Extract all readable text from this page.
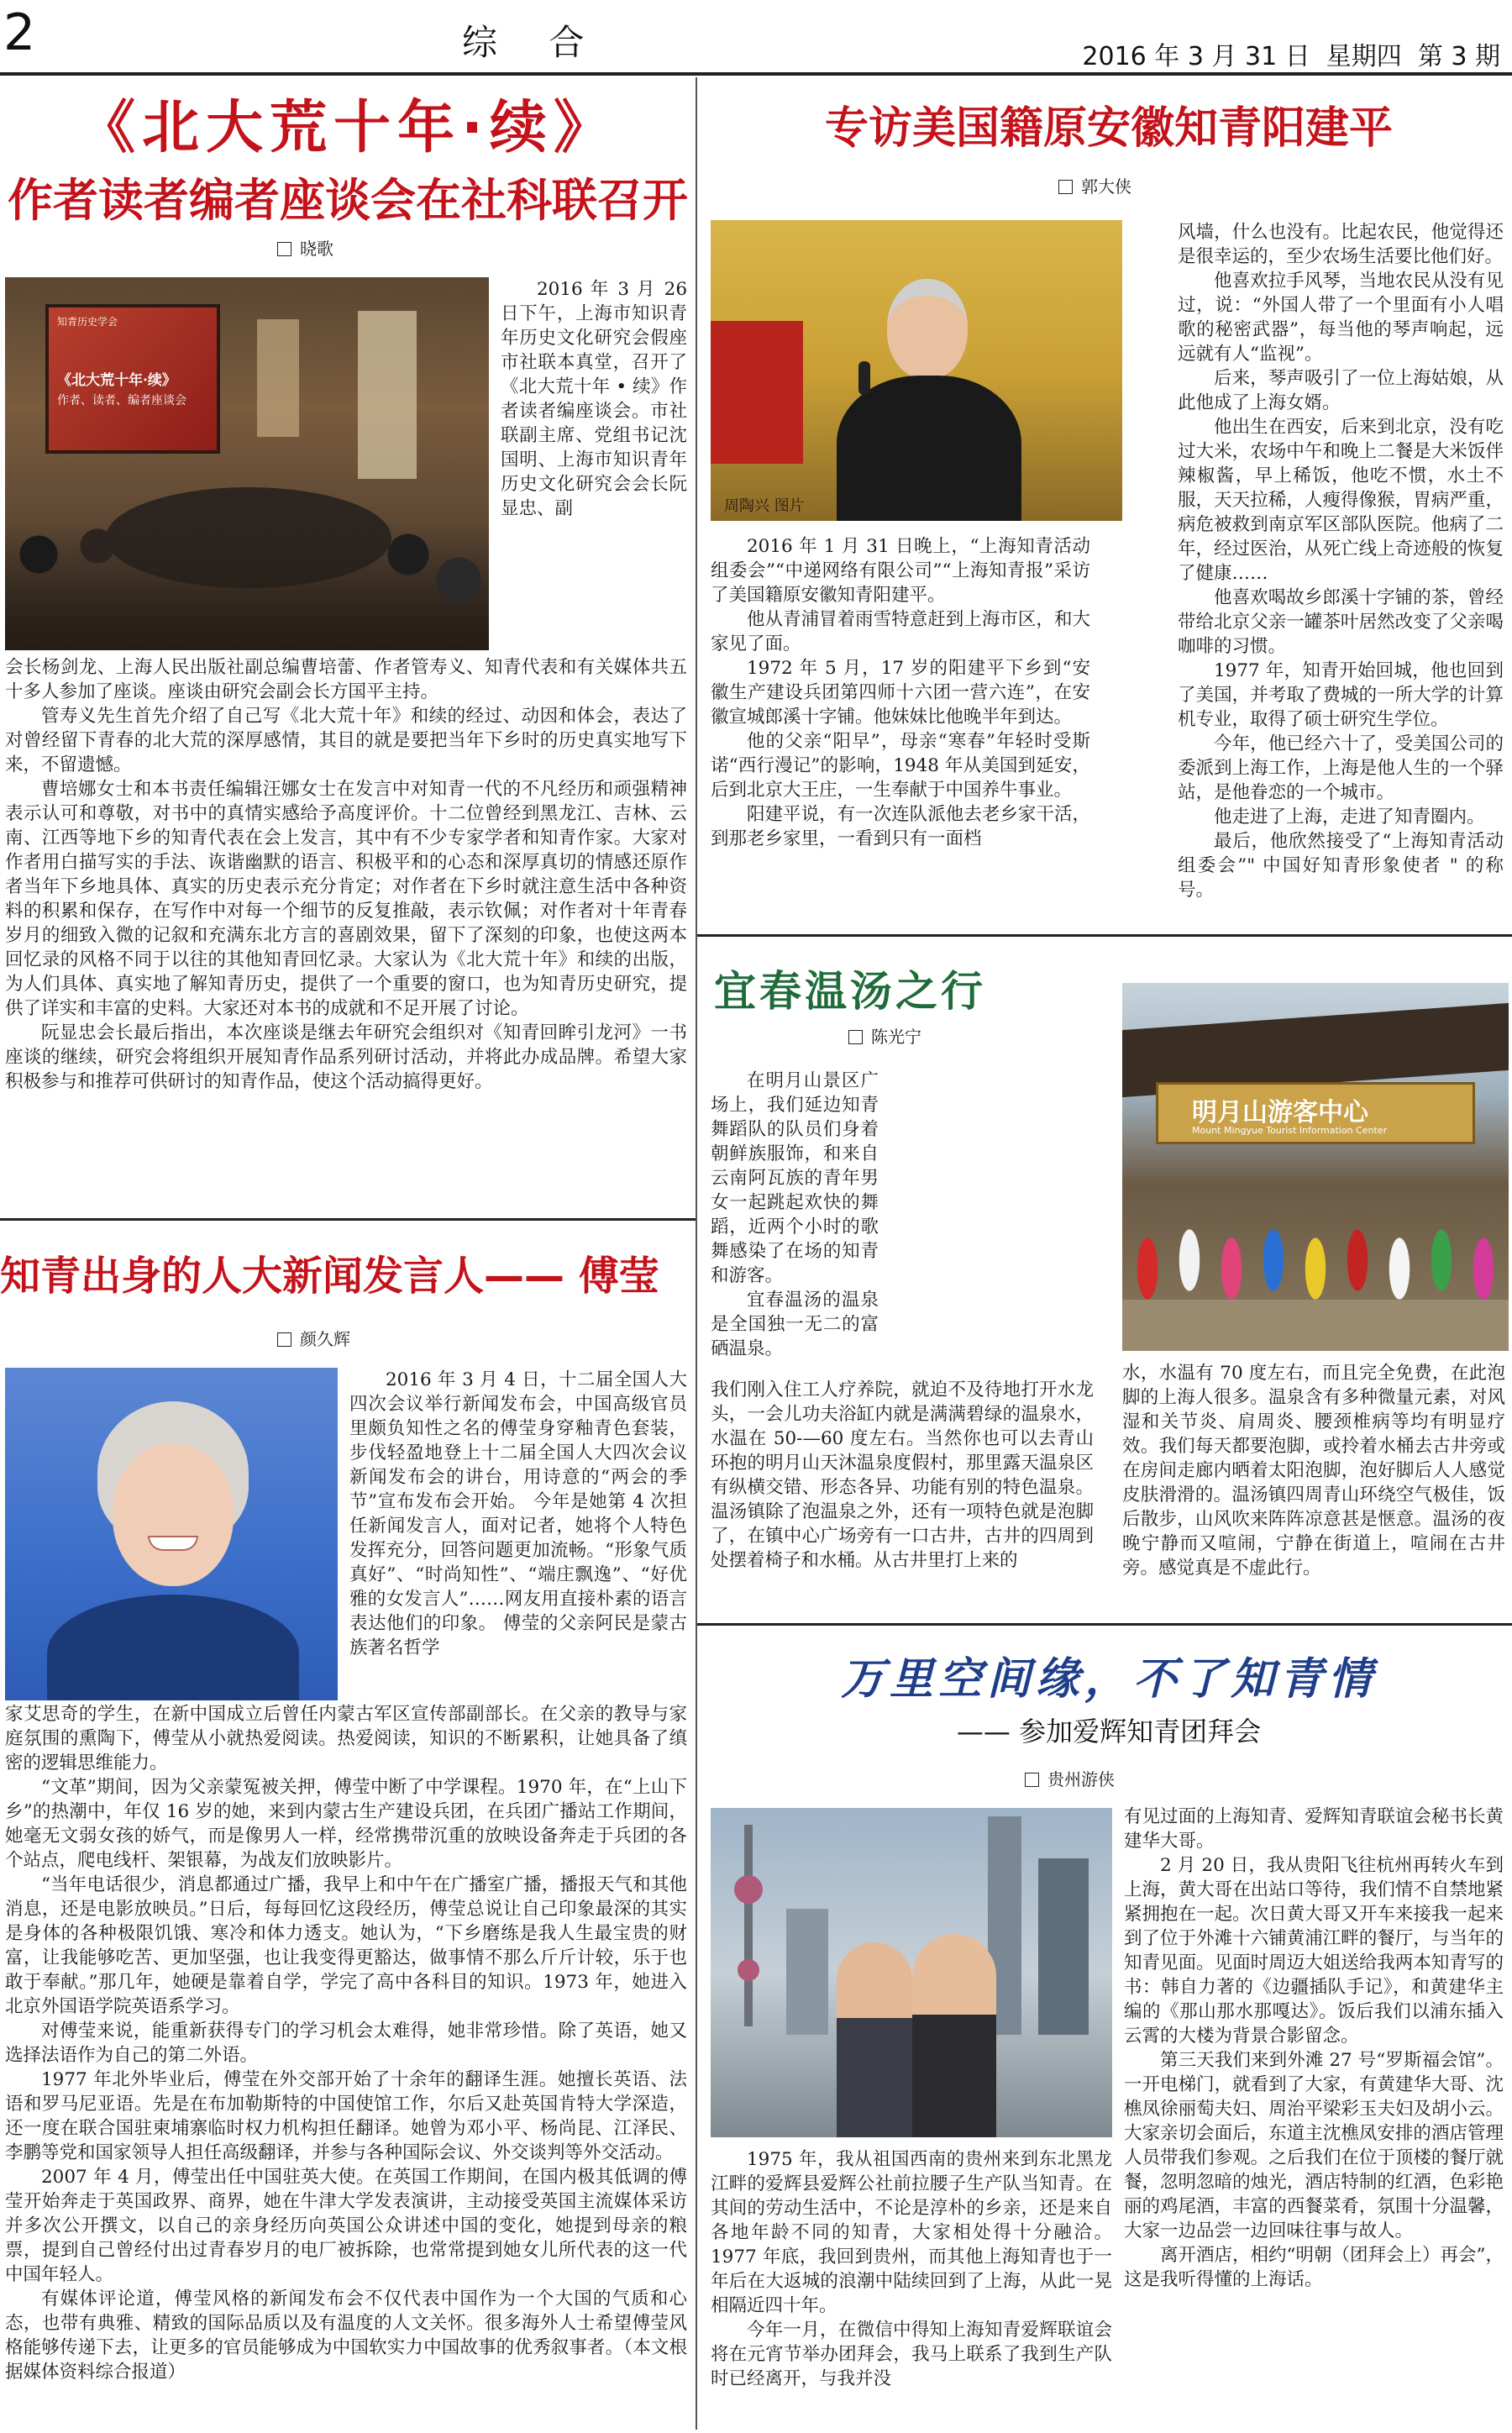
2	综 合	2016 年 3 月 31 日  星期四  第 3 期
《北大荒十年·续》
作者读者编者座谈会在社科联召开
晓歌
知青历史学会
《北大荒十年·续》
作者、读者、编者座谈会
2016 年 3 月 26 日下午，上海市知识青年历史文化研究会假座市社联本真堂，召开了《北大荒十年 • 续》作者读者编座谈会。市社联副主席、党组书记沈国明、上海市知识青年历史文化研究会会长阮显忠、副

会长杨剑龙、上海人民出版社副总编曹培蕾、作者管寿义、知青代表和有关媒体共五十多人参加了座谈。座谈由研究会副会长方国平主持。

管寿义先生首先介绍了自己写《北大荒十年》和续的经过、动因和体会，表达了对曾经留下青春的北大荒的深厚感情，其目的就是要把当年下乡时的历史真实地写下来，不留遗憾。

曹培娜女士和本书责任编辑汪娜女士在发言中对知青一代的不凡经历和顽强精神表示认可和尊敬，对书中的真情实感给予高度评价。十二位曾经到黑龙江、吉林、云南、江西等地下乡的知青代表在会上发言，其中有不少专家学者和知青作家。大家对作者用白描写实的手法、诙谐幽默的语言、积极平和的心态和深厚真切的情感还原作者当年下乡地具体、真实的历史表示充分肯定；对作者在下乡时就注意生活中各种资料的积累和保存，在写作中对每一个细节的反复推敲，表示钦佩；对作者对十年青春岁月的细致入微的记叙和充满东北方言的喜剧效果，留下了深刻的印象，也使这两本回忆录的风格不同于以往的其他知青回忆录。大家认为《北大荒十年》和续的出版，为人们具体、真实地了解知青历史，提供了一个重要的窗口，也为知青历史研究，提供了详实和丰富的史料。大家还对本书的成就和不足开展了讨论。

阮显忠会长最后指出，本次座谈是继去年研究会组织对《知青回眸引龙河》一书座谈的继续，研究会将组织开展知青作品系列研讨活动，并将此办成品牌。希望大家积极参与和推荐可供研讨的知青作品，使这个活动搞得更好。

知青出身的人大新闻发言人—— 傅莹
颜久辉
2016 年 3 月 4 日，十二届全国人大四次会议举行新闻发布会，中国高级官员里颇负知性之名的傅莹身穿釉青色套装，步伐轻盈地登上十二届全国人大四次会议新闻发布会的讲台，用诗意的“两会的季节”宣布发布会开始。 今年是她第 4 次担任新闻发言人，面对记者，她将个人特色发挥充分，回答问题更加流畅。“形象气质真好”、“时尚知性”、“端庄飘逸”、“好优雅的女发言人”……网友用直接朴素的语言表达他们的印象。 傅莹的父亲阿民是蒙古族著名哲学

家艾思奇的学生，在新中国成立后曾任内蒙古军区宣传部副部长。在父亲的教导与家庭氛围的熏陶下，傅莹从小就热爱阅读。热爱阅读，知识的不断累积，让她具备了缜密的逻辑思维能力。

“文革”期间，因为父亲蒙冤被关押，傅莹中断了中学课程。1970 年，在“上山下乡”的热潮中，年仅 16 岁的她，来到内蒙古生产建设兵团，在兵团广播站工作期间，她毫无文弱女孩的娇气，而是像男人一样，经常携带沉重的放映设备奔走于兵团的各个站点，爬电线杆、架银幕，为战友们放映影片。

“当年电话很少，消息都通过广播，我早上和中午在广播室广播，播报天气和其他消息，还是电影放映员。”日后，每每回忆这段经历，傅莹总说让自己印象最深的其实是身体的各种极限饥饿、寒冷和体力透支。她认为，“下乡磨练是我人生最宝贵的财富，让我能够吃苦、更加坚强，也让我变得更豁达，做事情不那么斤斤计较，乐于也敢于奉献。”那几年，她硬是靠着自学，学完了高中各科目的知识。1973 年，她进入北京外国语学院英语系学习。

对傅莹来说，能重新获得专门的学习机会太难得，她非常珍惜。除了英语，她又选择法语作为自己的第二外语。

1977 年北外毕业后，傅莹在外交部开始了十余年的翻译生涯。她擅长英语、法语和罗马尼亚语。先是在布加勒斯特的中国使馆工作，尔后又赴英国肯特大学深造，还一度在联合国驻柬埔寨临时权力机构担任翻译。她曾为邓小平、杨尚昆、江泽民、李鹏等党和国家领导人担任高级翻译，并参与各种国际会议、外交谈判等外交活动。

2007 年 4 月，傅莹出任中国驻英大使。在英国工作期间，在国内极其低调的傅莹开始奔走于英国政界、商界，她在牛津大学发表演讲，主动接受英国主流媒体采访并多次公开撰文，以自己的亲身经历向英国公众讲述中国的变化，她提到母亲的粮票，提到自己曾经付出过青春岁月的电厂被拆除，也常常提到她女儿所代表的这一代中国年轻人。

有媒体评论道，傅莹风格的新闻发布会不仅代表中国作为一个大国的气质和心态，也带有典雅、精致的国际品质以及有温度的人文关怀。很多海外人士希望傅莹风格能够传递下去，让更多的官员能够成为中国软实力中国故事的优秀叙事者。（本文根据媒体资料综合报道）

专访美国籍原安徽知青阳建平
郭大侠
周陶兴 图片

2016 年 1 月 31 日晚上，“上海知青活动组委会”“中递网络有限公司”“上海知青报”采访了美国籍原安徽知青阳建平。

他从青浦冒着雨雪特意赶到上海市区，和大家见了面。

1972 年 5 月，17 岁的阳建平下乡到“安徽生产建设兵团第四师十六团一营六连”，在安徽宣城郎溪十字铺。他妹妹比他晚半年到达。

他的父亲“阳早”，母亲“寒春”年轻时受斯诺“西行漫记”的影响，1948 年从美国到延安，后到北京大王庄，一生奉献于中国养牛事业。

阳建平说，有一次连队派他去老乡家干活，到那老乡家里，一看到只有一面档

风墙，什么也没有。比起农民，他觉得还是很幸运的，至少农场生活要比他们好。

他喜欢拉手风琴，当地农民从没有见过，说：“外国人带了一个里面有小人唱歌的秘密武器”，每当他的琴声响起，远远就有人“监视”。

后来，琴声吸引了一位上海姑娘，从此他成了上海女婿。

他出生在西安，后来到北京，没有吃过大米，农场中午和晚上二餐是大米饭伴辣椒酱，早上稀饭，他吃不惯，水土不服，天天拉稀，人瘦得像猴，胃病严重，病危被救到南京军区部队医院。他病了二年，经过医治，从死亡线上奇迹般的恢复了健康……

他喜欢喝故乡郎溪十字铺的茶，曾经带给北京父亲一罐茶叶居然改变了父亲喝咖啡的习惯。

1977 年，知青开始回城，他也回到了美国，并考取了费城的一所大学的计算机专业，取得了硕士研究生学位。

今年，他已经六十了，受美国公司的委派到上海工作，上海是他人生的一个驿站，是他眷恋的一个城市。

他走进了上海，走进了知青圈内。

最后，他欣然接受了“上海知青活动组委会”" 中国好知青形象使者 " 的称号。

宜春温汤之行
陈光宁
明月山游客中心
Mount Mingyue Tourist Information Center

在明月山景区广场上，我们延边知青舞蹈队的队员们身着朝鲜族服饰，和来自云南阿瓦族的青年男女一起跳起欢快的舞蹈，近两个小时的歌舞感染了在场的知青和游客。

宜春温汤的温泉是全国独一无二的富硒温泉。

我们刚入住工人疗养院，就迫不及待地打开水龙头，一会儿功夫浴缸内就是满满碧绿的温泉水，水温在 50-—60 度左右。当然你也可以去青山环抱的明月山天沐温泉度假村，那里露天温泉区有纵横交错、形态各异、功能有别的特色温泉。温汤镇除了泡温泉之外，还有一项特色就是泡脚了，在镇中心广场旁有一口古井，古井的四周到处摆着椅子和水桶。从古井里打上来的
水，水温有 70 度左右，而且完全免费，在此泡脚的上海人很多。温泉含有多种微量元素，对风湿和关节炎、肩周炎、腰颈椎病等均有明显疗效。我们每天都要泡脚，或拎着水桶去古井旁或在房间走廊内晒着太阳泡脚，泡好脚后人人感觉皮肤滑滑的。温汤镇四周青山环绕空气极佳，饭后散步，山风吹来阵阵凉意甚是惬意。温汤的夜晚宁静而又喧闹，宁静在街道上，喧闹在古井旁。感觉真是不虚此行。
万里空间缘，不了知青情
—— 参加爱辉知青团拜会
贵州游侠

1975 年，我从祖国西南的贵州来到东北黑龙江畔的爱辉县爱辉公社前拉腰子生产队当知青。在其间的劳动生活中，不论是淳朴的乡亲，还是来自各地年龄不同的知青，大家相处得十分融洽。1977 年底，我回到贵州，而其他上海知青也于一年后在大返城的浪潮中陆续回到了上海，从此一晃相隔近四十年。

今年一月，在微信中得知上海知青爱辉联谊会将在元宵节举办团拜会，我马上联系了我到生产队时已经离开，与我并没

有见过面的上海知青、爱辉知青联谊会秘书长黄建华大哥。

2 月 20 日，我从贵阳飞往杭州再转火车到上海，黄大哥在出站口等待，我们情不自禁地紧紧拥抱在一起。次日黄大哥又开车来接我一起来到了位于外滩十六铺黄浦江畔的餐厅，与当年的知青见面。见面时周迈大姐送给我两本知青写的书：韩自力著的《边疆插队手记》，和黄建华主编的《那山那水那嘎达》。饭后我们以浦东插入云霄的大楼为背景合影留念。

第三天我们来到外滩 27 号“罗斯福会馆”。一开电梯门，就看到了大家，有黄建华大哥、沈樵凤徐丽萄夫妇、周治平梁彩玉夫妇及胡小云。大家亲切会面后，东道主沈樵凤安排的酒店管理人员带我们参观。之后我们在位于顶楼的餐厅就餐，忽明忽暗的烛光，酒店特制的红酒，色彩艳丽的鸡尾酒，丰富的西餐菜肴，氛围十分温馨，大家一边品尝一边回味往事与故人。

离开酒店，相约“明朝（团拜会上）再会”，这是我听得懂的上海话。
